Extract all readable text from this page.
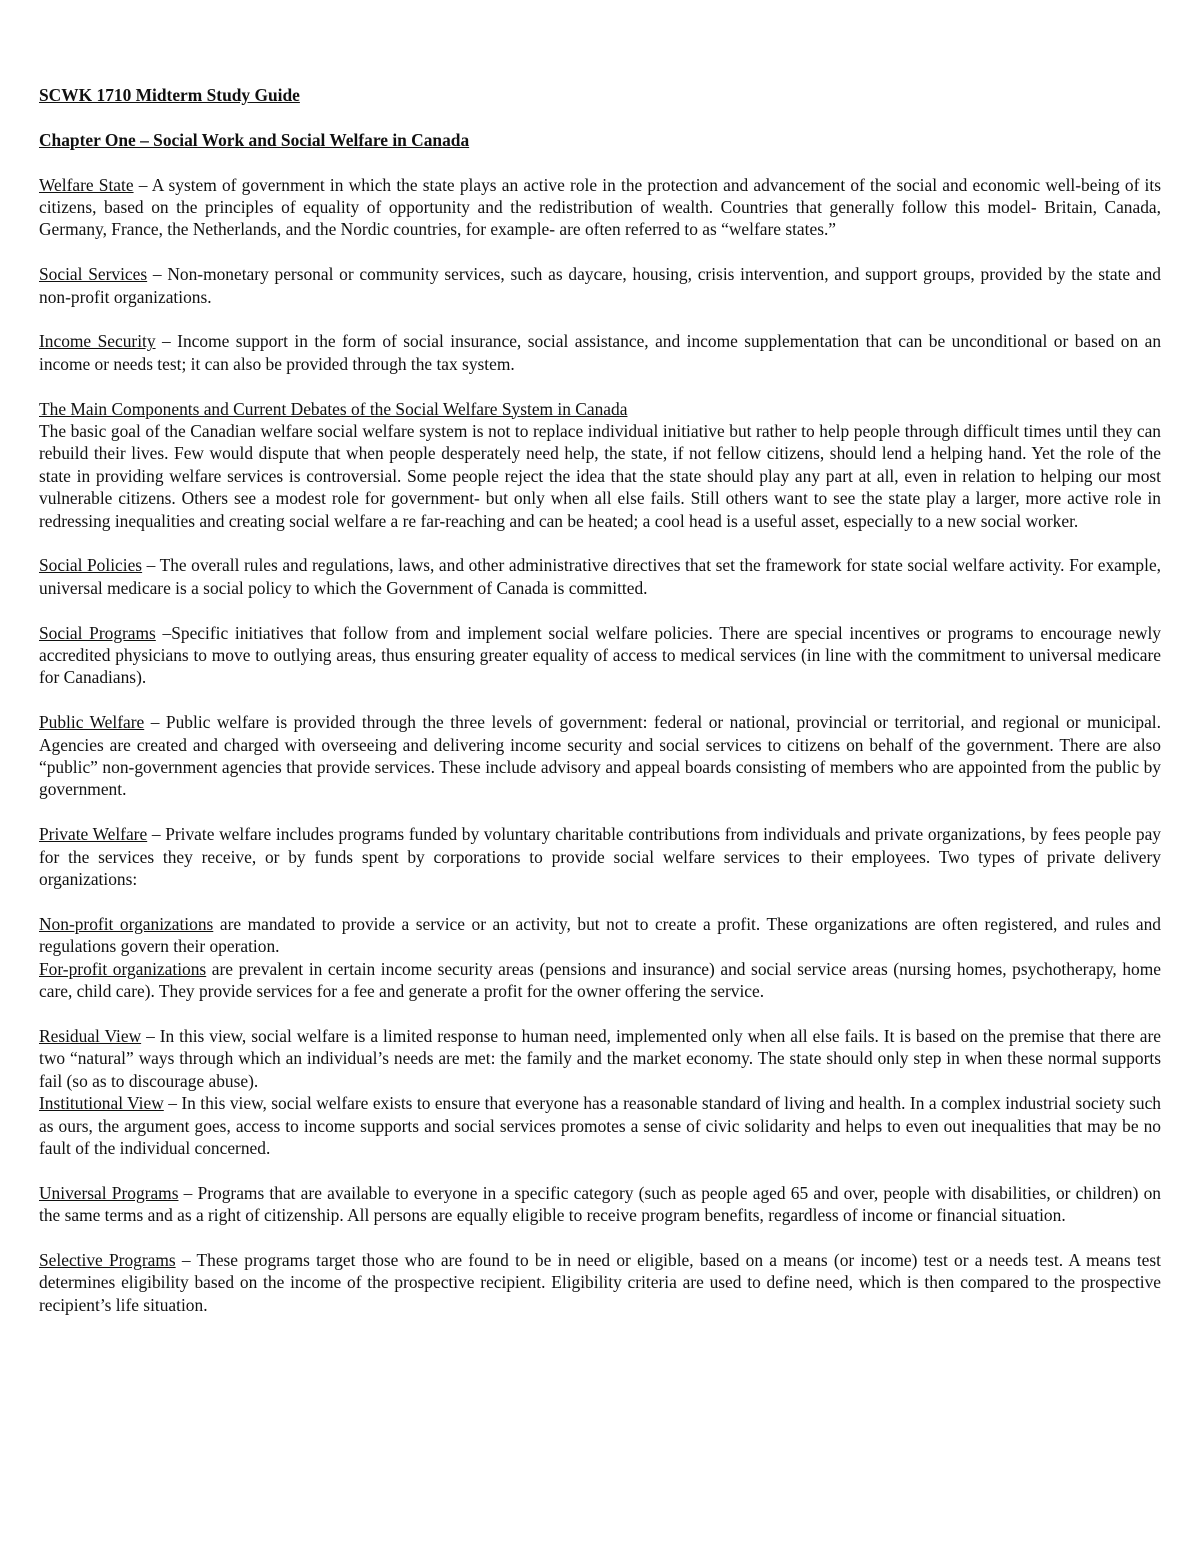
SCWK 1710 Midterm Study Guide
Chapter One – Social Work and Social Welfare in Canada

Welfare State – A system of government in which the state plays an active role in the protection and advancement of the social and economic well-being of its citizens, based on the principles of equality of opportunity and the redistribution of wealth. Countries that generally follow this model- Britain, Canada, Germany, France, the Netherlands, and the Nordic countries, for example- are often referred to as “welfare states.”

Social Services – Non-monetary personal or community services, such as daycare, housing, crisis intervention, and support groups, provided by the state and non-profit organizations.

Income Security – Income support in the form of social insurance, social assistance, and income supplementation that can be unconditional or based on an income or needs test; it can also be provided through the tax system.

The Main Components and Current Debates of the Social Welfare System in Canada
The basic goal of the Canadian welfare social welfare system is not to replace individual initiative but rather to help people through difficult times until they can rebuild their lives. Few would dispute that when people desperately need help, the state, if not fellow citizens, should lend a helping hand. Yet the role of the state in providing welfare services is controversial. Some people reject the idea that the state should play any part at all, even in relation to helping our most vulnerable citizens. Others see a modest role for government- but only when all else fails. Still others want to see the state play a larger, more active role in redressing inequalities and creating social welfare a re far-reaching and can be heated; a cool head is a useful asset, especially to a new social worker.

Social Policies – The overall rules and regulations, laws, and other administrative directives that set the framework for state social welfare activity. For example, universal medicare is a social policy to which the Government of Canada is committed.

Social Programs –Specific initiatives that follow from and implement social welfare policies. There are special incentives or programs to encourage newly accredited physicians to move to outlying areas, thus ensuring greater equality of access to medical services (in line with the commitment to universal medicare for Canadians).

Public Welfare – Public welfare is provided through the three levels of government: federal or national, provincial or territorial, and regional or municipal. Agencies are created and charged with overseeing and delivering income security and social services to citizens on behalf of the government. There are also “public” non-government agencies that provide services. These include advisory and appeal boards consisting of members who are appointed from the public by government.

Private Welfare – Private welfare includes programs funded by voluntary charitable contributions from individuals and private organizations, by fees people pay for the services they receive, or by funds spent by corporations to provide social welfare services to their employees. Two types of private delivery organizations:

Non-profit organizations are mandated to provide a service or an activity, but not to create a profit. These organizations are often registered, and rules and regulations govern their operation.

For-profit organizations are prevalent in certain income security areas (pensions and insurance) and social service areas (nursing homes, psychotherapy, home care, child care). They provide services for a fee and generate a profit for the owner offering the service.

Residual View – In this view, social welfare is a limited response to human need, implemented only when all else fails. It is based on the premise that there are two “natural” ways through which an individual’s needs are met: the family and the market economy. The state should only step in when these normal supports fail (so as to discourage abuse).

Institutional View – In this view, social welfare exists to ensure that everyone has a reasonable standard of living and health. In a complex industrial society such as ours, the argument goes, access to income supports and social services promotes a sense of civic solidarity and helps to even out inequalities that may be no fault of the individual concerned.

Universal Programs – Programs that are available to everyone in a specific category (such as people aged 65 and over, people with disabilities, or children) on the same terms and as a right of citizenship. All persons are equally eligible to receive program benefits, regardless of income or financial situation.

Selective Programs – These programs target those who are found to be in need or eligible, based on a means (or income) test or a needs test. A means test determines eligibility based on the income of the prospective recipient. Eligibility criteria are used to define need, which is then compared to the prospective recipient’s life situation.
